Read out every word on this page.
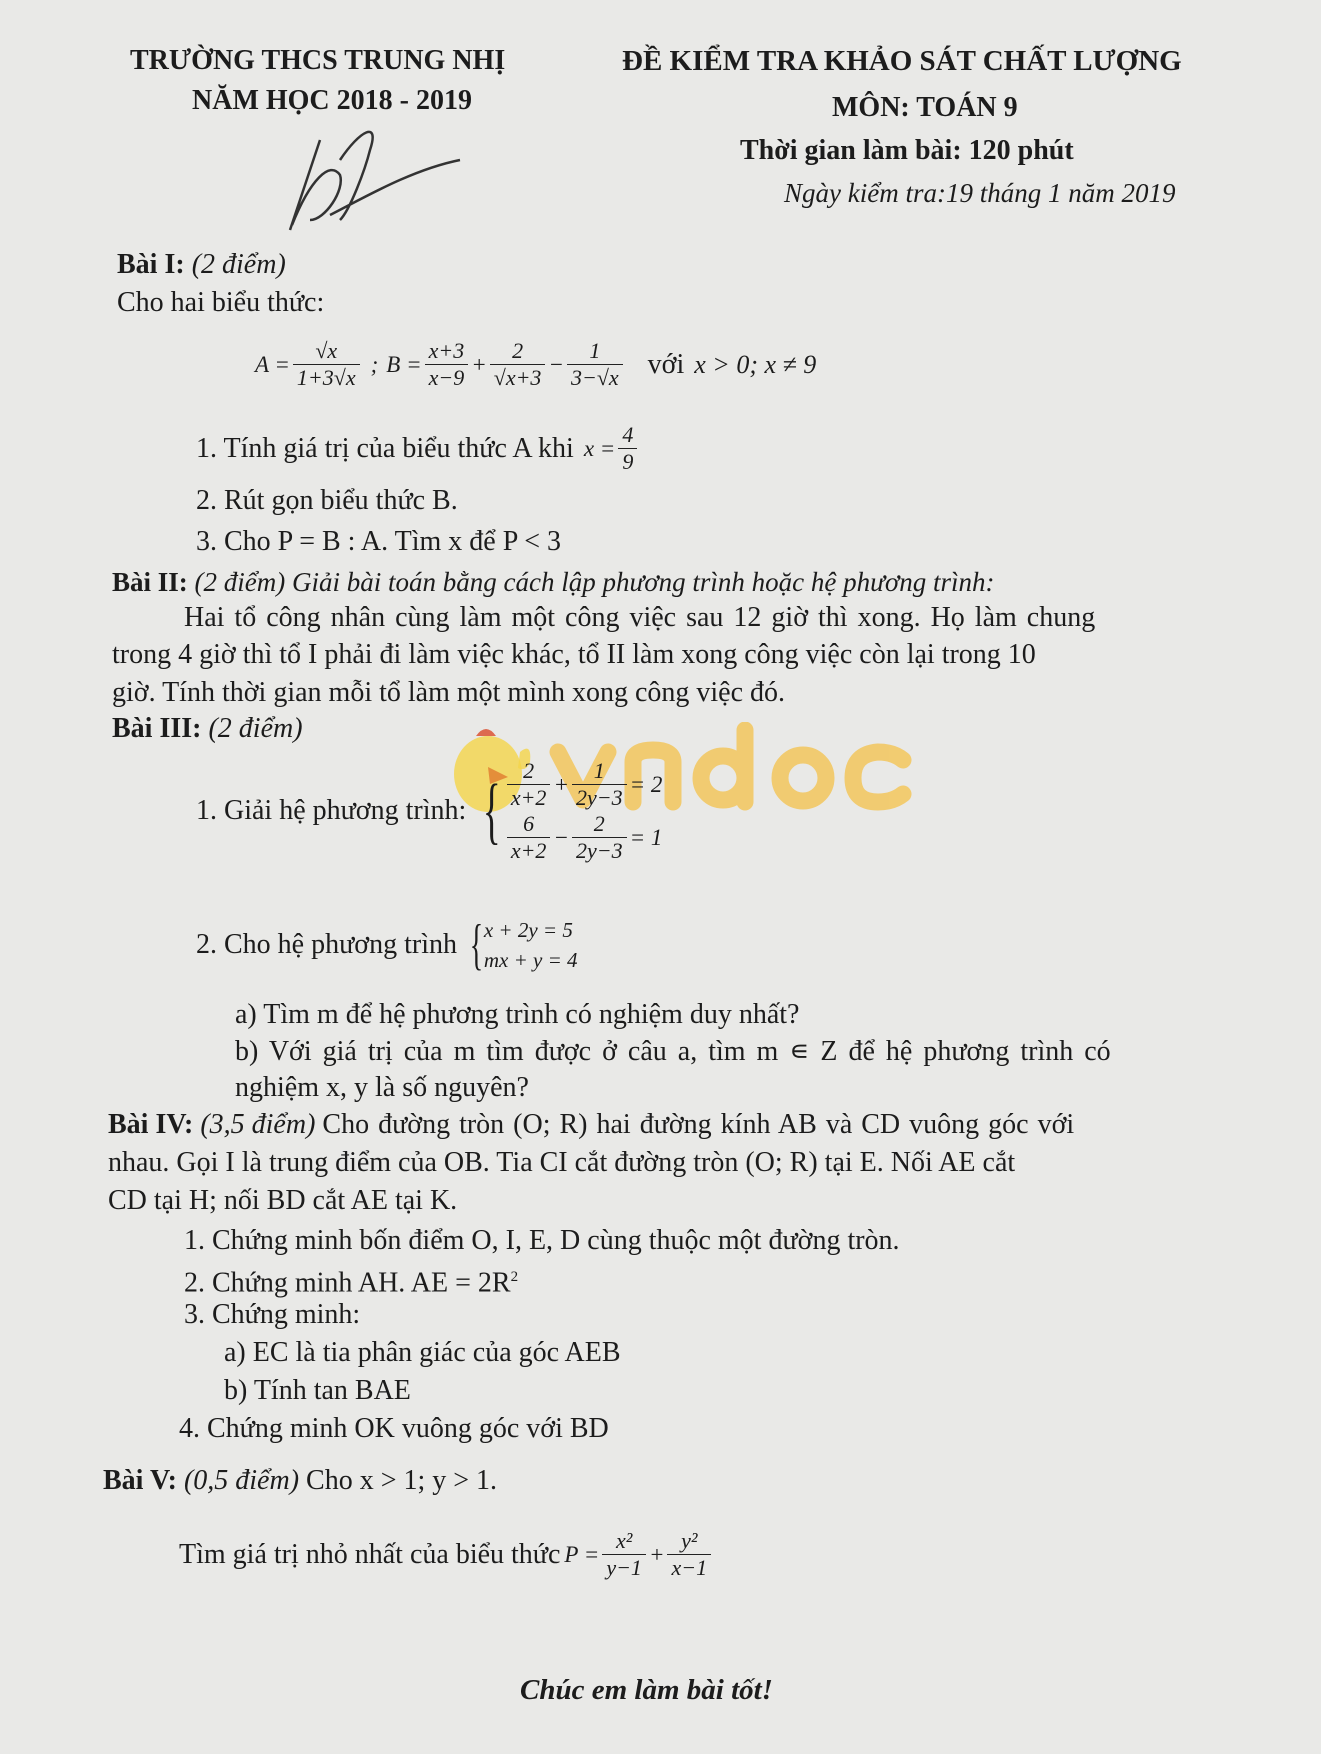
TRƯỜNG THCS TRUNG NHỊ
NĂM HỌC 2018 - 2019
ĐỀ KIỂM TRA KHẢO SÁT CHẤT LƯỢNG
MÔN: TOÁN 9
Thời gian làm bài: 120 phút
Ngày kiểm tra:19 tháng 1 năm 2019
Bài I: (2 điểm)
Cho hai biểu thức:
$A = \frac{√x}{1+3√x}$ ; $B = \frac{x+3}{x-9} + \frac{2}{√x+3} - \frac{1}{3-√x}$ với x > 0; x ≠ 9
1. Tính giá trị của biểu thức A khi $x = \frac{4}{9}$
2. Rút gọn biểu thức B.
3. Cho P = B : A. Tìm x để P < 3
Bài II: (2 điểm) Giải bài toán bằng cách lập phương trình hoặc hệ phương trình:
Hai tổ công nhân cùng làm một công việc sau 12 giờ thì xong. Họ làm chung
trong 4 giờ thì tổ I phải đi làm việc khác, tổ II làm xong công việc còn lại trong 10
giờ. Tính thời gian mỗi tổ làm một mình xong công việc đó.
Bài III: (2 điểm)
1. Giải hệ phương trình: { $\frac{2}{x+2} + \frac{1}{2y-3} = 2$
$\frac{6}{x+2} - \frac{2}{2y-3} = 1$
2. Cho hệ phương trình { x + 2y = 5
mx + y = 4
a) Tìm m để hệ phương trình có nghiệm duy nhất?
b) Với giá trị của m tìm được ở câu a, tìm m ∊ Z để hệ phương trình có
nghiệm x, y là số nguyên?
Bài IV: (3,5 điểm) Cho đường tròn (O; R) hai đường kính AB và CD vuông góc với
nhau. Gọi I là trung điểm của OB. Tia CI cắt đường tròn (O; R) tại E. Nối AE cắt
CD tại H; nối BD cắt AE tại K.
1. Chứng minh bốn điểm O, I, E, D cùng thuộc một đường tròn.
2. Chứng minh AH. AE = $2R^2$
3. Chứng minh:
a) EC là tia phân giác của góc AEB
b) Tính tan BAE
4. Chứng minh OK vuông góc với BD
Bài V: (0,5 điểm) Cho x > 1; y > 1.
Tìm giá trị nhỏ nhất của biểu thức $P = \frac{\text{x²}}{y-1} + \frac{\text{y²}}{x-1}$
Chúc em làm bài tốt!
